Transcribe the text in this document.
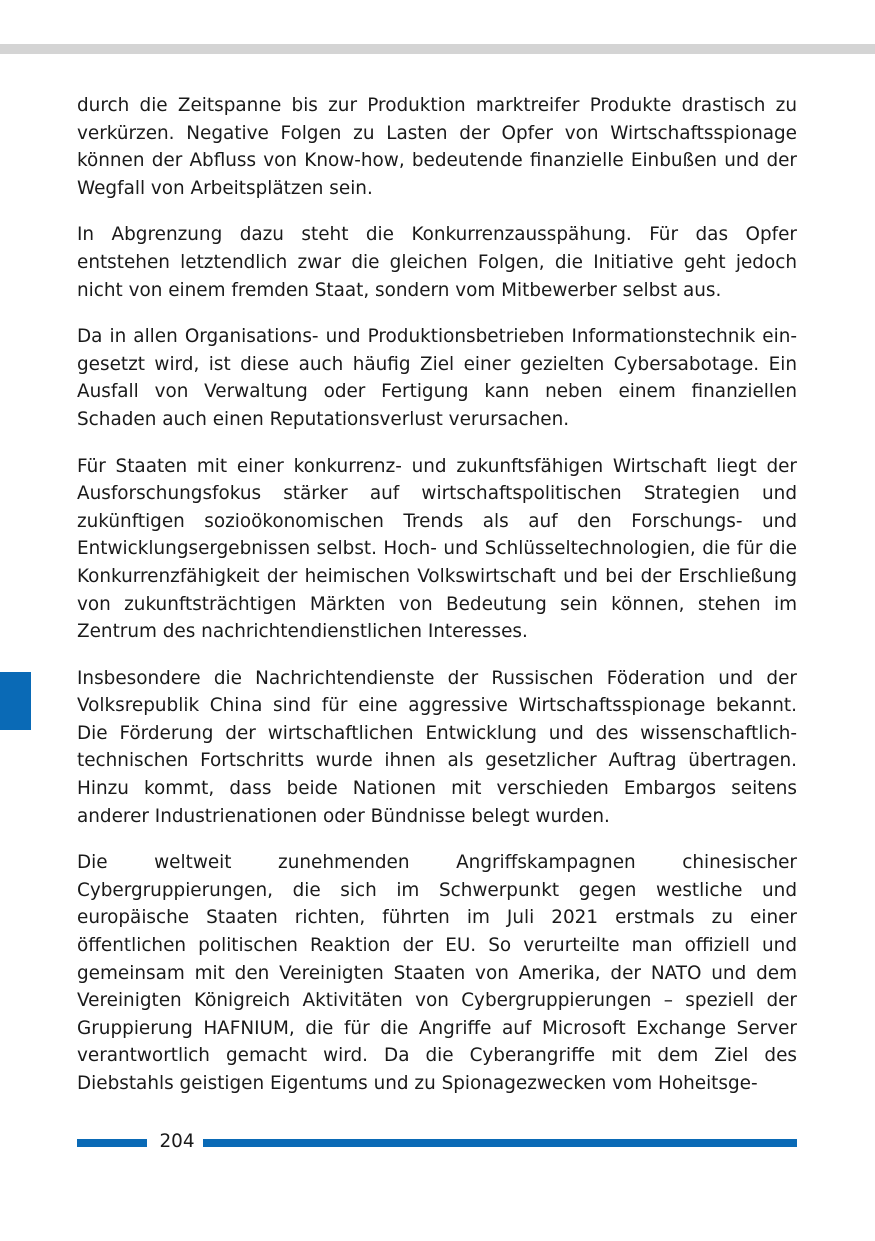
durch die Zeitspanne bis zur Produktion marktreifer Produkte drastisch zu verkürzen. Negative Folgen zu Lasten der Opfer von Wirtschaftsspionage können der Abfluss von Know-how, bedeutende finanzielle Einbußen und der Wegfall von Arbeitsplätzen sein.

In Abgrenzung dazu steht die Konkurrenzausspähung. Für das Opfer entstehen letztendlich zwar die gleichen Folgen, die Initiative geht jedoch nicht von einem fremden Staat, sondern vom Mitbewerber selbst aus.

Da in allen Organisations- und Produktionsbetrieben Informationstechnik eingesetzt wird, ist diese auch häufig Ziel einer gezielten Cybersabotage. Ein Ausfall von Verwaltung oder Fertigung kann neben einem finanziellen Schaden auch einen Reputationsverlust verursachen.

Für Staaten mit einer konkurrenz- und zukunftsfähigen Wirtschaft liegt der Ausforschungsfokus stärker auf wirtschaftspolitischen Strategien und zukünftigen sozioökonomischen Trends als auf den Forschungs- und Entwicklungsergebnissen selbst. Hoch- und Schlüsseltechnologien, die für die Konkurrenzfähigkeit der heimischen Volkswirtschaft und bei der Erschließung von zukunftsträchtigen Märkten von Bedeutung sein können, stehen im Zentrum des nachrichtendienstlichen Interesses.

Insbesondere die Nachrichtendienste der Russischen Föderation und der Volksrepublik China sind für eine aggressive Wirtschaftsspionage bekannt. Die Förderung der wirtschaftlichen Entwicklung und des wissenschaftlich-technischen Fortschritts wurde ihnen als gesetzlicher Auftrag übertragen. Hinzu kommt, dass beide Nationen mit verschieden Embargos seitens anderer Industrienationen oder Bündnisse belegt wurden.

Die weltweit zunehmenden Angriffskampagnen chinesischer Cybergruppierungen, die sich im Schwerpunkt gegen westliche und europäische Staaten richten, führten im Juli 2021 erstmals zu einer öffentlichen politischen Reaktion der EU. So verurteilte man offiziell und gemeinsam mit den Vereinigten Staaten von Amerika, der NATO und dem Vereinigten Königreich Aktivitäten von Cybergruppierungen – speziell der Gruppierung HAFNIUM, die für die Angriffe auf Microsoft Exchange Server verantwortlich gemacht wird. Da die Cyberangriffe mit dem Ziel des Diebstahls geistigen Eigentums und zu Spionagezwecken vom Hoheitsge-

204
